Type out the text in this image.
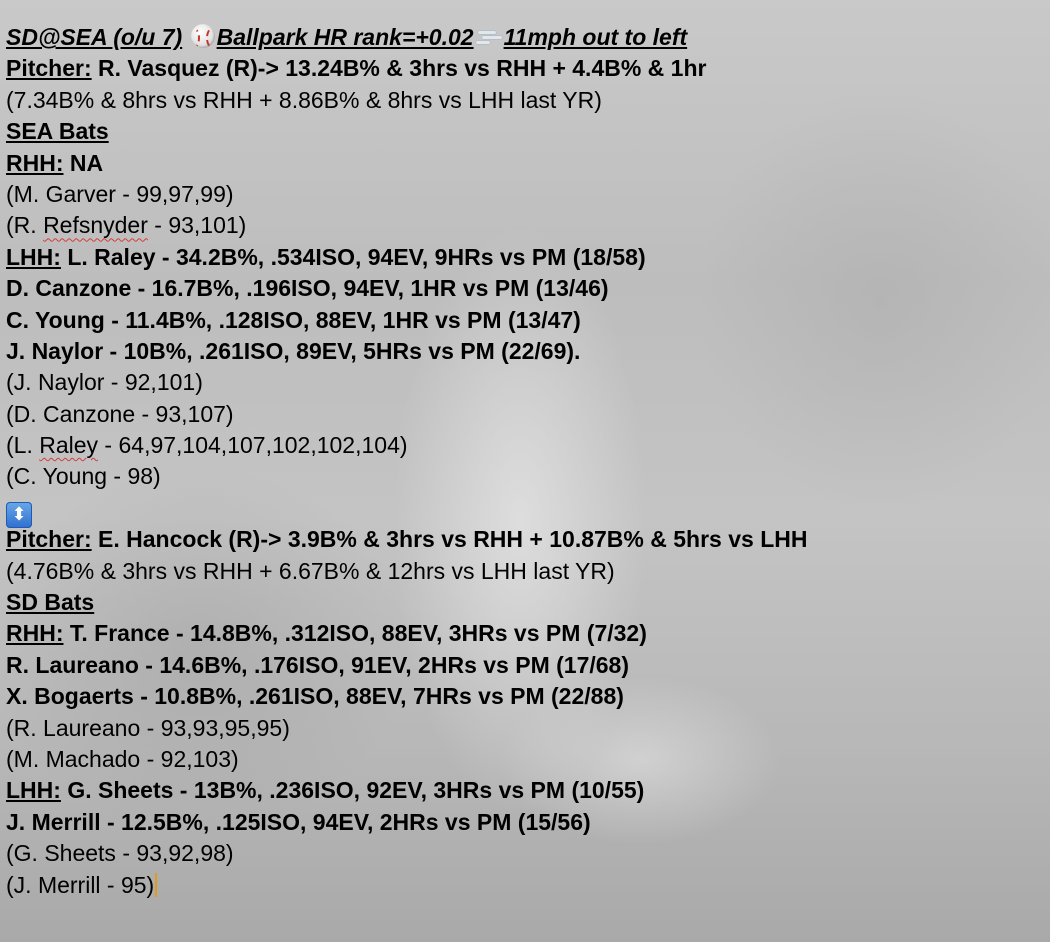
SD@SEA (o/u 7) Ballpark HR rank=+0.02 11mph out to left
Pitcher: R. Vasquez (R)-> 13.24B% & 3hrs vs RHH + 4.4B% & 1hr
(7.34B% & 8hrs vs RHH + 8.86B% & 8hrs vs LHH last YR)
SEA Bats
RHH: NA
(M. Garver - 99,97,99)
(R. Refsnyder - 93,101)
LHH: L. Raley - 34.2B%, .534ISO, 94EV, 9HRs vs PM (18/58)
D. Canzone - 16.7B%, .196ISO, 94EV, 1HR vs PM (13/46)
C. Young - 11.4B%, .128ISO, 88EV, 1HR vs PM (13/47)
J. Naylor - 10B%, .261ISO, 89EV, 5HRs vs PM (22/69).
(J. Naylor - 92,101)
(D. Canzone - 93,107)
(L. Raley - 64,97,104,107,102,102,104)
(C. Young - 98)
⬍
Pitcher: E. Hancock (R)-> 3.9B% & 3hrs vs RHH + 10.87B% & 5hrs vs LHH
(4.76B% & 3hrs vs RHH + 6.67B% & 12hrs vs LHH last YR)
SD Bats
RHH: T. France - 14.8B%, .312ISO, 88EV, 3HRs vs PM (7/32)
R. Laureano - 14.6B%, .176ISO, 91EV, 2HRs vs PM (17/68)
X. Bogaerts - 10.8B%, .261ISO, 88EV, 7HRs vs PM (22/88)
(R. Laureano - 93,93,95,95)
(M. Machado - 92,103)
LHH: G. Sheets - 13B%, .236ISO, 92EV, 3HRs vs PM (10/55)
J. Merrill - 12.5B%, .125ISO, 94EV, 2HRs vs PM (15/56)
(G. Sheets - 93,92,98)
(J. Merrill - 95)
